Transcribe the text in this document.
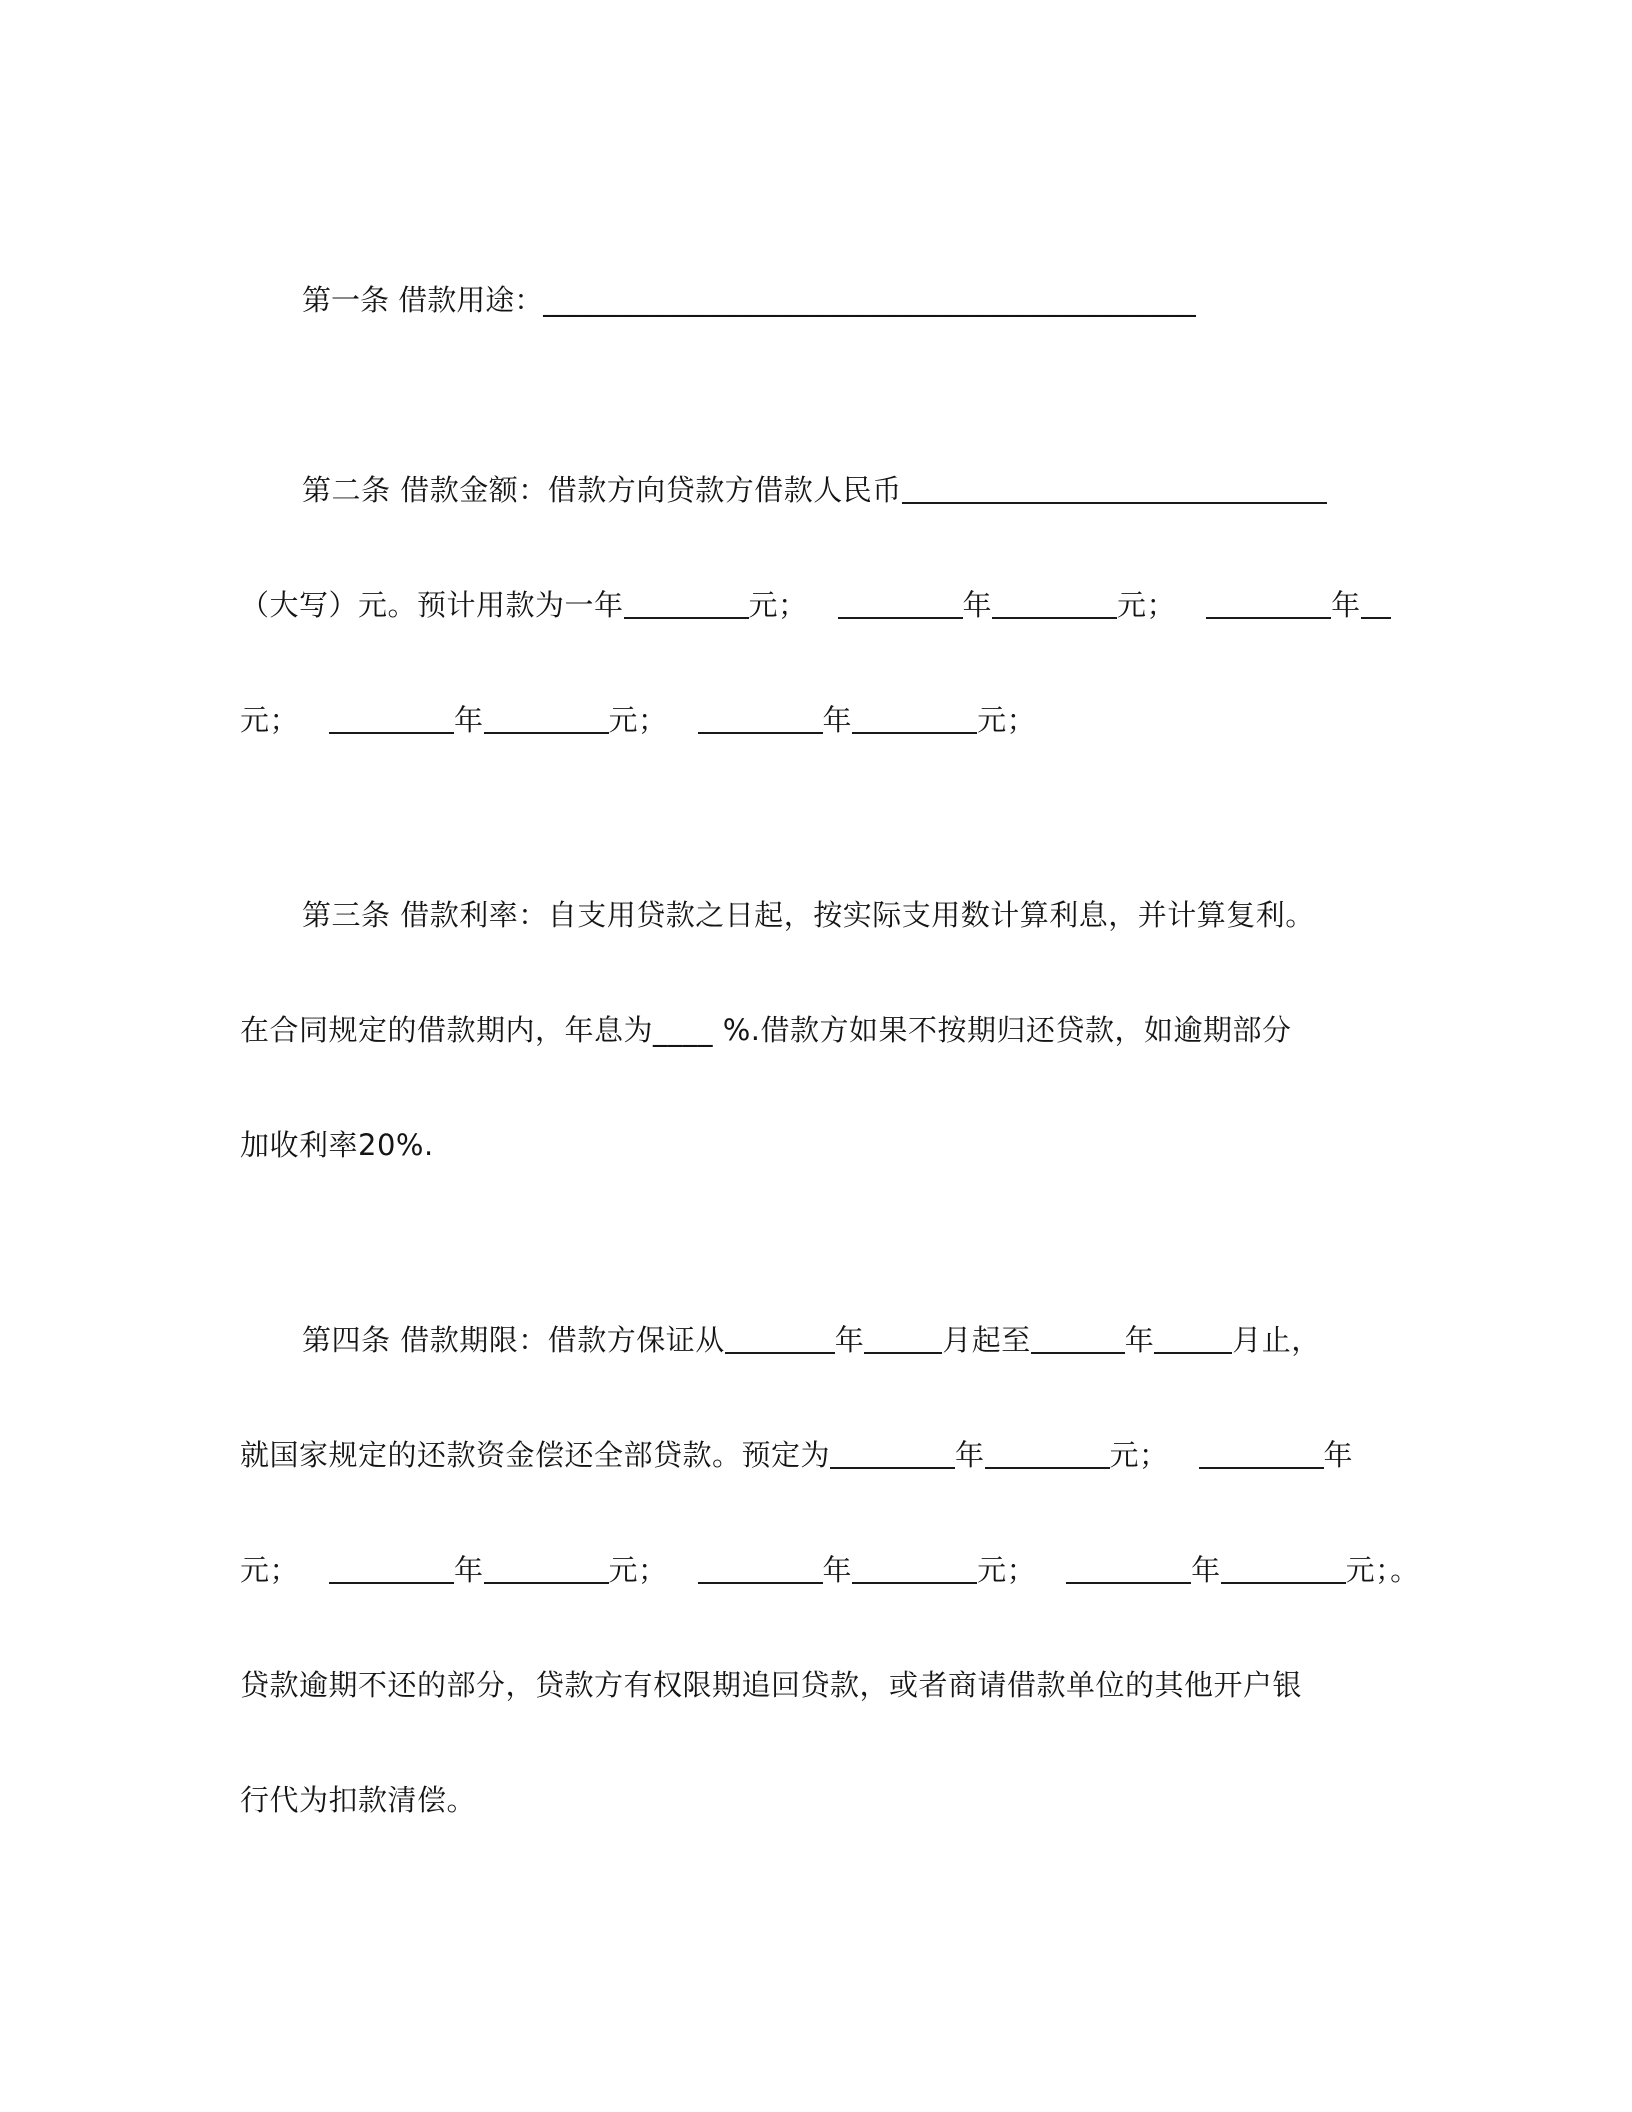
第一条 借款用途：_____________________________________________
第二条 借款金额：借款方向贷款方借款人民币
（大写）元。预计用款为一年	元；	年	元；	年
元；	年	元；	年	元；
第三条 借款利率：自支用贷款之日起，按实际支用数计算利息，并计算复利。
在合同规定的借款期内，年息为____ %.借款方如果不按期归还贷款，如逾期部分
加收利率20%.
第四条 借款期限：借款方保证从	年	月起至	年	月止，
就国家规定的还款资金偿还全部贷款。预定为	年	元；	年
元；	年	元；	年	元；	年	元；。
贷款逾期不还的部分，贷款方有权限期追回贷款，或者商请借款单位的其他开户银
行代为扣款清偿。
